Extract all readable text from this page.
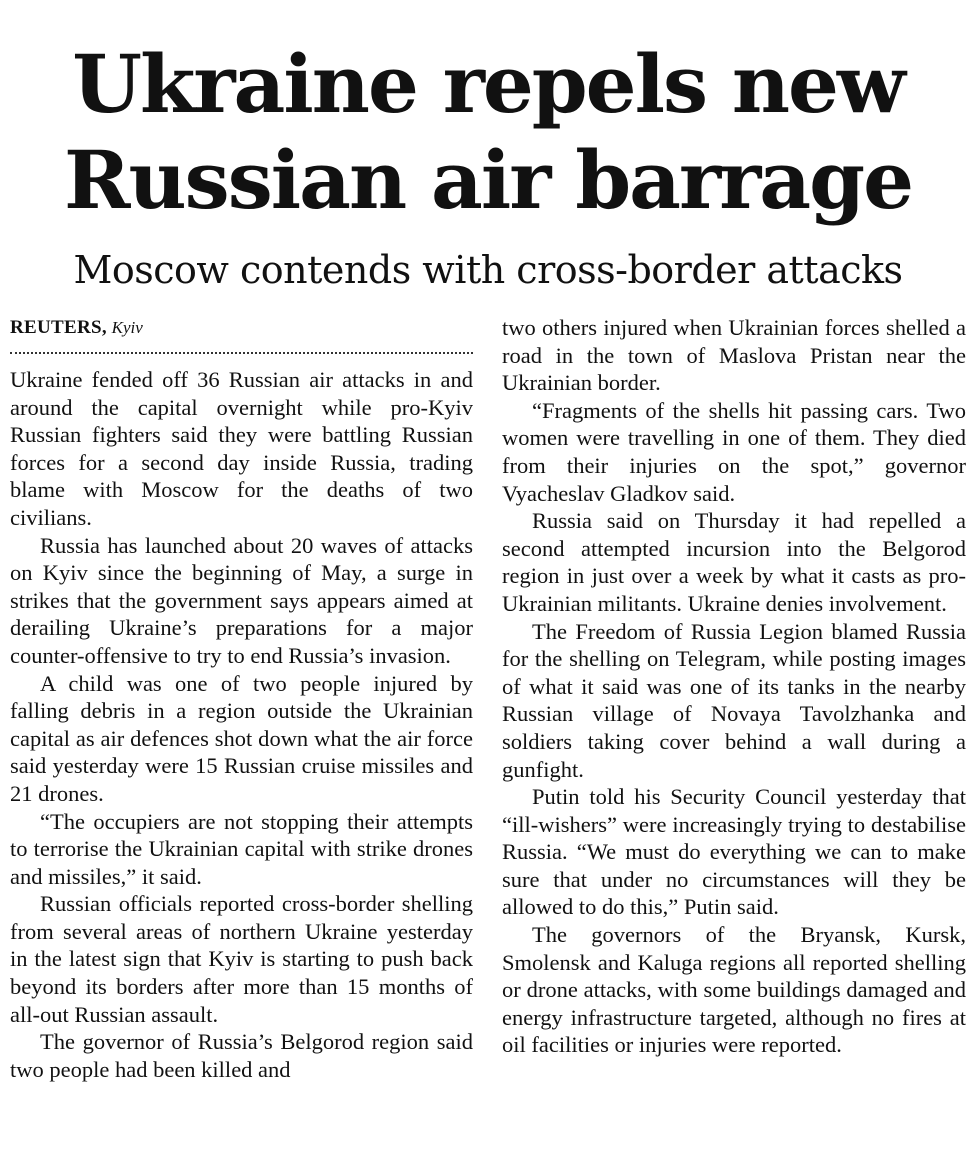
Ukraine repels new Russian air barrage
Moscow contends with cross-border attacks
REUTERS, Kyiv

Ukraine fended off 36 Russian air attacks in and around the capital overnight while pro-Kyiv Russian fighters said they were battling Russian forces for a second day inside Russia, trading blame with Moscow for the deaths of two civilians.

Russia has launched about 20 waves of attacks on Kyiv since the beginning of May, a surge in strikes that the government says appears aimed at derailing Ukraine’s preparations for a major counter-offensive to try to end Russia’s invasion.

A child was one of two people injured by falling debris in a region outside the Ukrainian capital as air defences shot down what the air force said yesterday were 15 Russian cruise missiles and 21 drones.

“The occupiers are not stopping their attempts to terrorise the Ukrainian capital with strike drones and missiles,” it said.

Russian officials reported cross-border shelling from several areas of northern Ukraine yesterday in the latest sign that Kyiv is starting to push back beyond its borders after more than 15 months of all-out Russian assault.

The governor of Russia’s Belgorod region said two people had been killed and

two others injured when Ukrainian forces shelled a road in the town of Maslova Pristan near the Ukrainian border.

“Fragments of the shells hit passing cars. Two women were travelling in one of them. They died from their injuries on the spot,” governor Vyacheslav Gladkov said.

Russia said on Thursday it had repelled a second attempted incursion into the Belgorod region in just over a week by what it casts as pro-Ukrainian militants. Ukraine denies involvement.

The Freedom of Russia Legion blamed Russia for the shelling on Telegram, while posting images of what it said was one of its tanks in the nearby Russian village of Novaya Tavolzhanka and soldiers taking cover behind a wall during a gunfight.

Putin told his Security Council yesterday that “ill-wishers” were increasingly trying to destabilise Russia. “We must do everything we can to make sure that under no circumstances will they be allowed to do this,” Putin said.

The governors of the Bryansk, Kursk, Smolensk and Kaluga regions all reported shelling or drone attacks, with some buildings damaged and energy infrastructure targeted, although no fires at oil facilities or injuries were reported.
